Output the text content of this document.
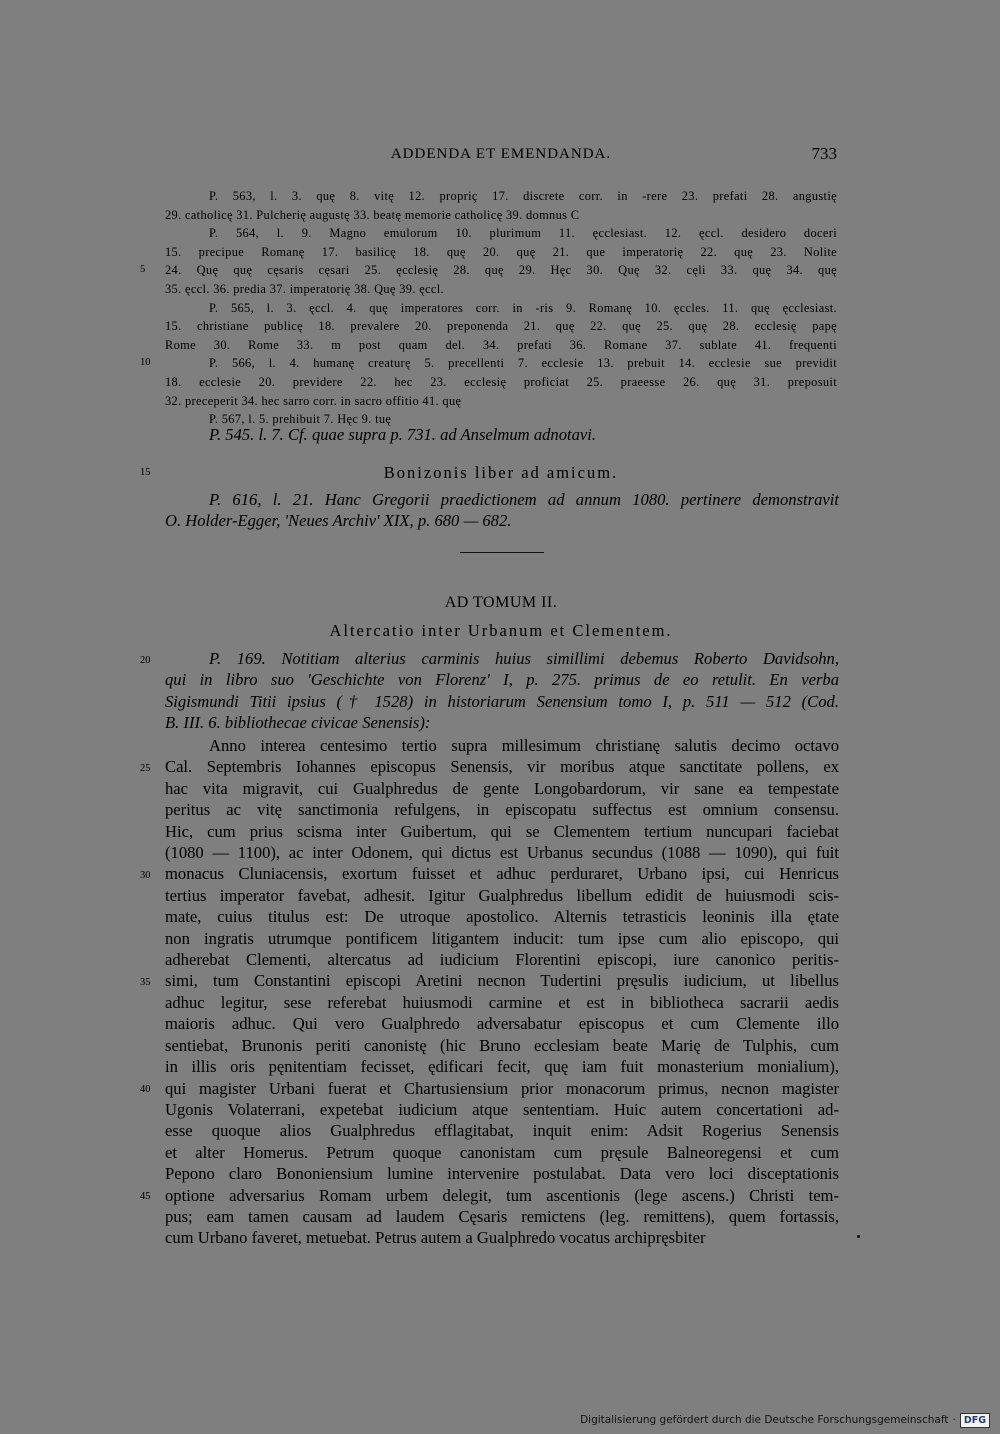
ADDENDA ET EMENDANDA.	733
P. 563, l. 3. quę 8. vitę 12. propriç 17. discrete corr. in -rere 23. prefati 28. angustię
29. catholicę 31. Pulcherię augustę 33. beatę memorie catholicę 39. domnus C
P. 564, l. 9. Magno emulorum 10. plurimum 11. ęcclesiast. 12. ęccl. desidero doceri
15. precipue Romanę 17. basilicę 18. quę 20. quę 21. que imperatorię 22. quę 23. Nolite
24. Quę quę cęsaris cęsari 25. ęcclesię 28. quę 29. Hęc 30. Quę 32. cęli 33. quę 34. quę
35. ęccl. 36. predia 37. imperatorię 38. Quę 39. ęccl.
P. 565, l. 3. ęccl. 4. quę imperatores corr. in -ris 9. Romanę 10. ęccles. 11. quę ęcclesiast.
15. christiane publicę 18. prevalere 20. preponenda 21. quę 22. quę 25. quę 28. ecclesię papę
Rome 30. Rome 33. m post quam del. 34. prefati 36. Romane 37. sublate 41. frequenti
P. 566, l. 4. humanę creaturę 5. precellenti 7. ecclesie 13. prebuit 14. ecclesie sue previdit
18. ecclesie 20. previdere 22. hec 23. ecclesię proficiat 25. praeesse 26. quę 31. preposuit
32. preceperit 34. hec sarro corr. in sacro offitio 41. quę
P. 567, l. 5. prehibuit 7. Hęc 9. tuę
P. 545. l. 7. Cf. quae supra p. 731. ad Anselmum adnotavi.
Bonizonis liber ad amicum.
P. 616, l. 21. Hanc Gregorii praedictionem ad annum 1080. pertinere demonstravit
O. Holder-Egger, 'Neues Archiv' XIX, p. 680 — 682.
AD TOMUM II.
Altercatio inter Urbanum et Clementem.
P. 169. Notitiam alterius carminis huius simillimi debemus Roberto Davidsohn,
qui in libro suo 'Geschichte von Florenz' I, p. 275. primus de eo retulit. En verba
Sigismundi Titii ipsius († 1528) in historiarum Senensium tomo I, p. 511 — 512 (Cod.
B. III. 6. bibliothecae civicae Senensis):
Anno interea centesimo tertio supra millesimum christianę salutis decimo octavo
Cal. Septembris Iohannes episcopus Senensis, vir moribus atque sanctitate pollens, ex
hac vita migravit, cui Gualphredus de gente Longobardorum, vir sane ea tempestate
peritus ac vitę sanctimonia refulgens, in episcopatu suffectus est omnium consensu.
Hic, cum prius scisma inter Guibertum, qui se Clementem tertium nuncupari faciebat
(1080 — 1100), ac inter Odonem, qui dictus est Urbanus secundus (1088 — 1090), qui fuit
monacus Cluniacensis, exortum fuisset et adhuc perduraret, Urbano ipsi, cui Henricus
tertius imperator favebat, adhesit. Igitur Gualphredus libellum edidit de huiusmodi scis-
mate, cuius titulus est: De utroque apostolico. Alternis tetrasticis leoninis illa ętate
non ingratis utrumque pontificem litigantem inducit: tum ipse cum alio episcopo, qui
adherebat Clementi, altercatus ad iudicium Florentini episcopi, iure canonico peritis-
simi, tum Constantini episcopi Aretini necnon Tudertini pręsulis iudicium, ut libellus
adhuc legitur, sese referebat huiusmodi carmine et est in bibliotheca sacrarii aedis
maioris adhuc. Qui vero Gualphredo adversabatur episcopus et cum Clemente illo
sentiebat, Brunonis periti canonistę (hic Bruno ecclesiam beate Marię de Tulphis, cum
in illis oris pęnitentiam fecisset, ędificari fecit, quę iam fuit monasterium monialium),
qui magister Urbani fuerat et Chartusiensium prior monacorum primus, necnon magister
Ugonis Volaterrani, expetebat iudicium atque sententiam. Huic autem concertationi ad-
esse quoque alios Gualphredus efflagitabat, inquit enim: Adsit Rogerius Senensis
et alter Homerus. Petrum quoque canonistam cum pręsule Balneoregensi et cum
Pepono claro Bononiensium lumine intervenire postulabat. Data vero loci disceptationis
optione adversarius Romam urbem delegit, tum ascentionis (lege ascens.) Christi tem-
pus; eam tamen causam ad laudem Cęsaris remictens (leg. remittens), quem fortassis,
cum Urbano faveret, metuebat. Petrus autem a Gualphredo vocatus archipręsbiter
5
10
15
20
25
30
35
40
45
Digitalisierung gefördert durch die Deutsche Forschungsgemeinschaft · DFG
